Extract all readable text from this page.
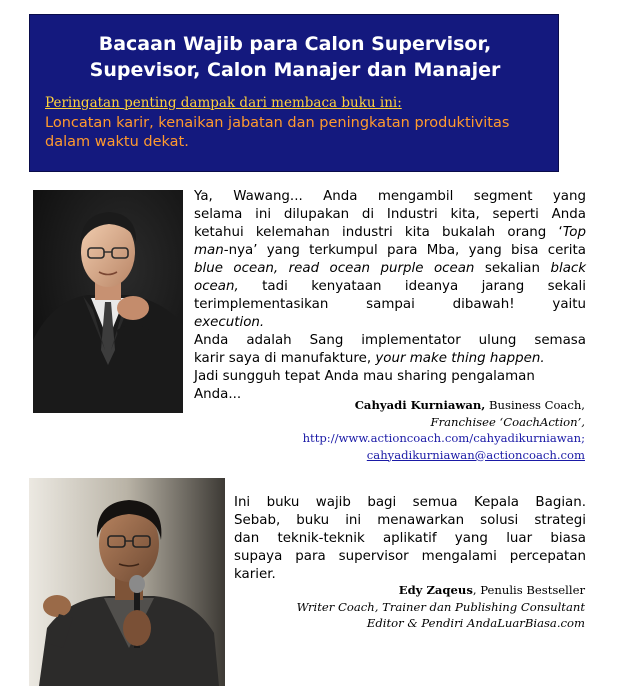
Bacaan Wajib para Calon Supervisor,
Supevisor, Calon Manajer dan Manajer
Peringatan penting dampak dari membaca buku ini:
Loncatan karir, kenaikan jabatan dan peningkatan produktivitas
dalam waktu dekat.
Ya, Wawang... Anda mengambil segment yang
selama ini dilupakan di Industri kita, seperti Anda
ketahui kelemahan industri kita bukalah orang ‘Top
man-nya’ yang terkumpul para Mba, yang bisa cerita
blue ocean, read ocean purple ocean sekalian black
ocean, tadi kenyataan ideanya jarang sekali
terimplementasikan sampai dibawah! yaitu
execution.
Anda adalah Sang implementator ulung semasa
karir saya di manufakture, your make thing happen.
Jadi sungguh tepat Anda mau sharing pengalaman
Anda...
Cahyadi Kurniawan, Business Coach,
Franchisee ‘CoachAction’,
http://www.actioncoach.com/cahyadikurniawan;
cahyadikurniawan@actioncoach.com
Ini buku wajib bagi semua Kepala Bagian.
Sebab, buku ini menawarkan solusi strategi
dan teknik-teknik aplikatif yang luar biasa
supaya para supervisor mengalami percepatan
karier.
Edy Zaqeus, Penulis Bestseller
Writer Coach, Trainer dan Publishing Consultant
Editor & Pendiri AndaLuarBiasa.com
